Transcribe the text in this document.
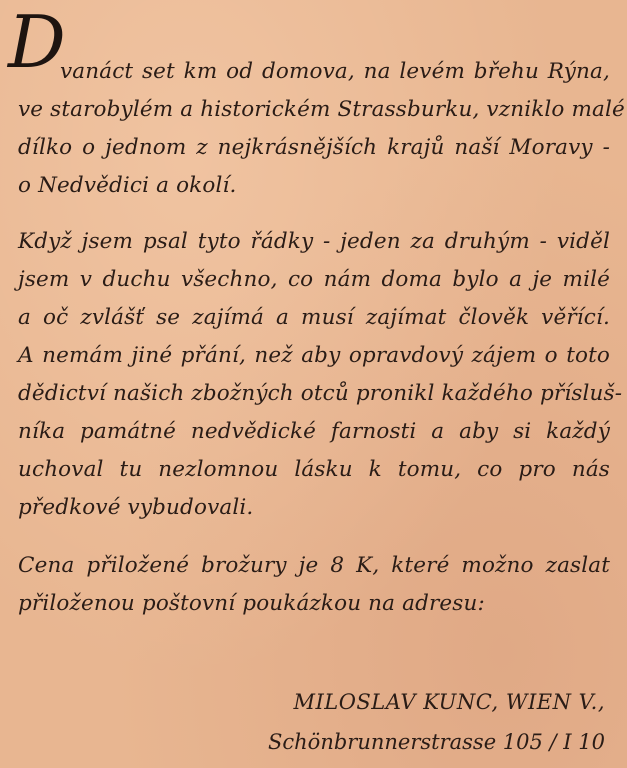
D
vanáct set km od domova, na levém břehu Rýna,
ve starobylém a historickém Strassburku, vzniklo malé
dílko o jednom z nejkrásnějších krajů naší Moravy -
o Nedvědici a okolí.
Když jsem psal tyto řádky - jeden za druhým - viděl
jsem v duchu všechno, co nám doma bylo a je milé
a oč zvlášť se zajímá a musí zajímat člověk věřící.
A nemám jiné přání, než aby opravdový zájem o toto
dědictví našich zbožných otců pronikl každého přísluš-
níka památné nedvědické farnosti a aby si každý
uchoval tu nezlomnou lásku k tomu, co pro nás
předkové vybudovali.
Cena přiložené brožury je 8 K, které možno zaslat
přiloženou poštovní poukázkou na adresu:
MILOSLAV KUNC, WIEN V.,
Schönbrunnerstrasse 105 / I 10
